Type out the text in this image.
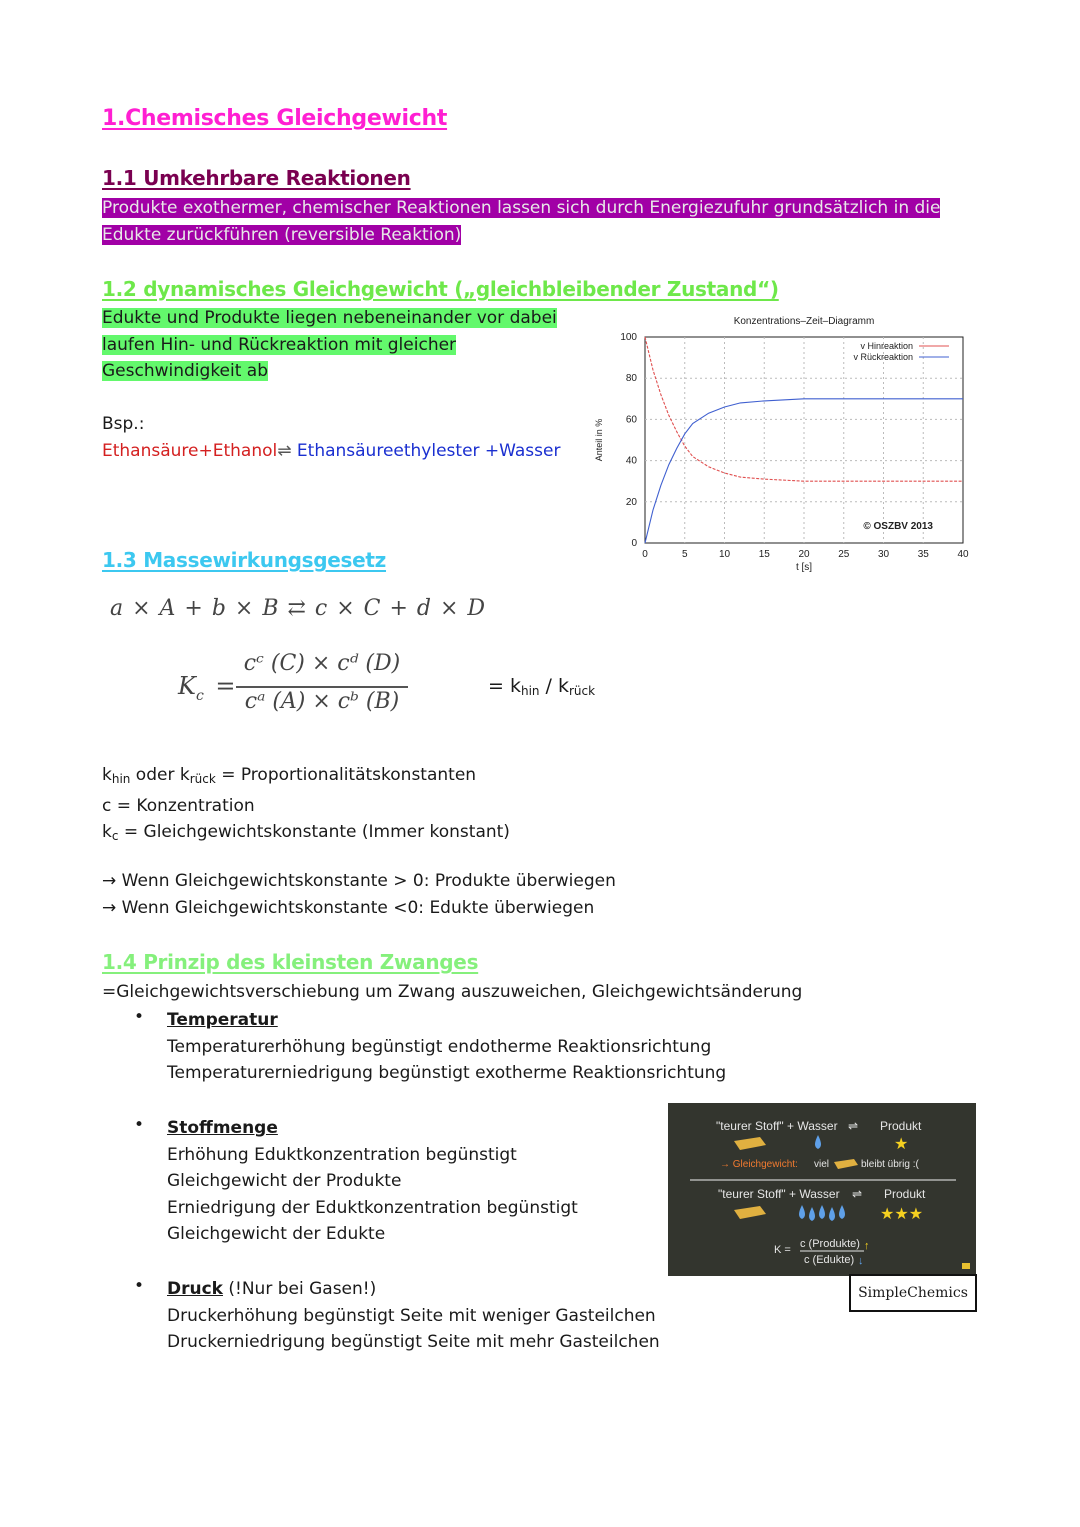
1.Chemisches Gleichgewicht
1.1 Umkehrbare Reaktionen
Produkte exothermer, chemischer Reaktionen lassen sich durch Energiezufuhr grundsätzlich in die
Edukte zurückführen (reversible Reaktion)
1.2 dynamisches Gleichgewicht („gleichbleibender Zustand“)
Edukte und Produkte liegen nebeneinander vor dabei
laufen Hin- und Rückreaktion mit gleicher
Geschwindigkeit ab
Bsp.:
Ethansäure+Ethanol⇌ Ethansäureethylester +Wasser
0	5	10	15	20	25	30	35	40
0
20
40
60
80
100
Konzentrations–Zeit–Diagramm
t [s]
Anteil in %
v Hinreaktion
v Rückreaktion
© OSZBV 2013
1.3 Massewirkungsgesetz
a × A + b × B ⇄ c × C + d × D
$K_c$ =
cᶜ (C) × cᵈ (D)
cᵃ (A) × cᵇ (B)
= $k_{hin} / k_{rück}$
$k_{hin}$ oder $k_{rück}$ = Proportionalitätskonstanten
c = Konzentration
$k_c$ = Gleichgewichtskonstante (Immer konstant)
→ Wenn Gleichgewichtskonstante > 0: Produkte überwiegen
→ Wenn Gleichgewichtskonstante <0: Edukte überwiegen
1.4 Prinzip des kleinsten Zwanges
=Gleichgewichtsverschiebung um Zwang auszuweichen, Gleichgewichtsänderung
• Temperatur
Temperaturerhöhung begünstigt endotherme Reaktionsrichtung
Temperaturerniedrigung begünstigt exotherme Reaktionsrichtung
• Stoffmenge
Erhöhung Eduktkonzentration begünstigt
Gleichgewicht der Produkte
Erniedrigung der Eduktkonzentration begünstigt
Gleichgewicht der Edukte
• Druck (!Nur bei Gasen!)
Druckerhöhung begünstigt Seite mit weniger Gasteilchen
Druckerniedrigung begünstigt Seite mit mehr Gasteilchen
"teurer Stoff" + Wasser ⇌ Produkt
★
→ Gleichgewicht: viel	bleibt übrig :(
"teurer Stoff" + Wasser ⇌ Produkt
★★★
K = c (Produkte)
c (Edukte)
↑
↓
SimpleChemics
